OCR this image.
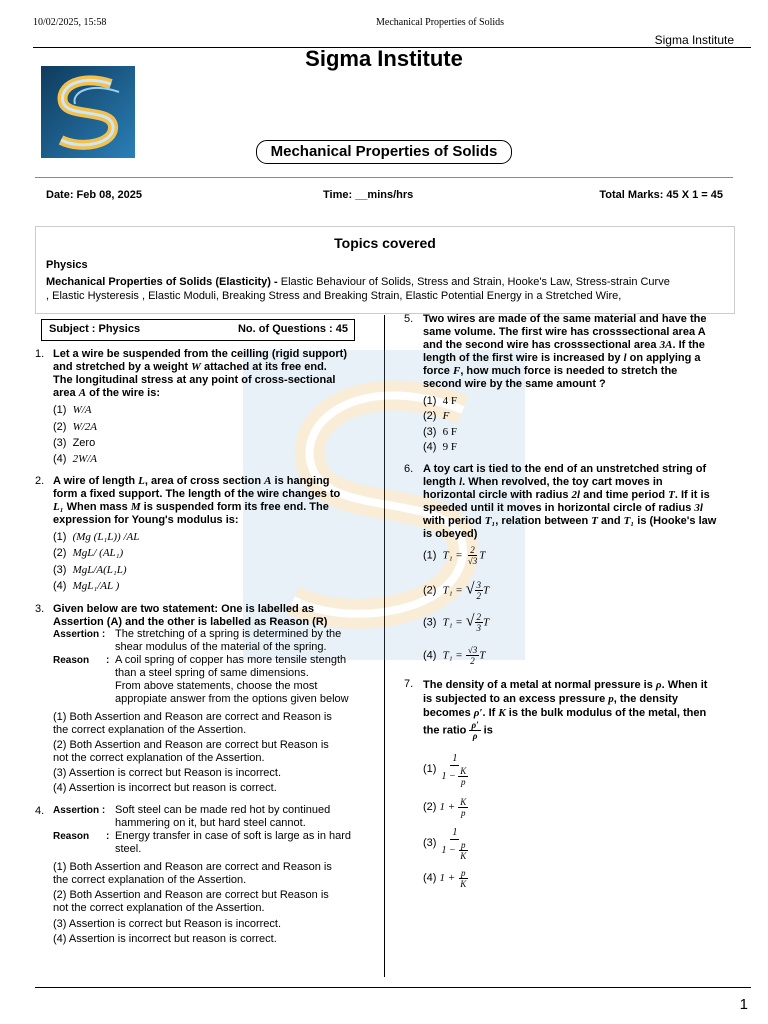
10/02/2025, 15:58	Mechanical Properties of Solids
Sigma Institute
Sigma Institute
Mechanical Properties of Solids
Date: Feb 08, 2025	Time: __mins/hrs	Total Marks: 45 X 1 = 45
Topics covered
Physics
Mechanical Properties of Solids (Elasticity) - Elastic Behaviour of Solids, Stress and Strain, Hooke's Law, Stress-strain Curve
, Elastic Hysteresis , Elastic Moduli, Breaking Stress and Breaking Strain, Elastic Potential Energy in a Stretched Wire,
Subject : Physics	No. of Questions : 45
1. Let a wire be suspended from the ceilling (rigid support)
and stretched by a weight W attached at its free end.
The longitudinal stress at any point of cross-sectional
area A of the wire is:
(1) W/A
(2) W/2A
(3) Zero
(4) 2W/A
2. A wire of length L, area of cross section A is hanging
form a fixed support. The length of the wire changes to
L₁ When mass M is suspended form its free end. The
expression for Young's modulus is:
(1) (Mg (L₁L)) /AL
(2) MgL/ (AL₁)
(3) MgL/A(L₁L)
(4) MgL₁/AL )
3. Given below are two statement: One is labelled as
Assertion (A) and the other is labelled as Reason (R)
Assertion : The stretching of a spring is determined by the
shear modulus of the material of the spring.
Reason : A coil spring of copper has more tensile stength
than a steel spring of same dimensions.
From above statements, choose the most
appropiate answer from the options given below
(1) Both Assertion and Reason are correct and Reason is
the correct explanation of the Assertion.
(2) Both Assertion and Reason are correct but Reason is
not the correct explanation of the Assertion.
(3) Assertion is correct but Reason is incorrect.
(4) Assertion is incorrect but reason is correct.
4. Assertion : Soft steel can be made red hot by continued
hammering on it, but hard steel cannot.
Reason : Energy transfer in case of soft is large as in hard
steel.
(1) Both Assertion and Reason are correct and Reason is
the correct explanation of the Assertion.
(2) Both Assertion and Reason are correct but Reason is
not the correct explanation of the Assertion.
(3) Assertion is correct but Reason is incorrect.
(4) Assertion is incorrect but reason is correct.
5. Two wires are made of the same material and have the
same volume. The first wire has crosssectional area A
and the second wire has crosssectional area 3A. If the
length of the first wire is increased by l on applying a
force F, how much force is needed to stretch the
second wire by the same amount ?
(1) 4 F
(2) F
(3) 6 F
(4) 9 F
6. A toy cart is tied to the end of an unstretched string of
length l. When revolved, the toy cart moves in
horizontal circle with radius 2l and time period T. If it is
speeded until it moves in horizontal circle of radius 3l
with period T₁, relation between T and T₁ is (Hooke's law
is obeyed)
(1) $T_1 = \frac{2}{√3}$ T
(2) T₁ = √ $\frac{3}{2}$ T
(3) T₁ = √ $\frac{2}{3}$ T
(4) $T_1 = \frac{√3}{2}$ T
7. The density of a metal at normal pressure is ρ. When it
is subjected to an excess pressure p, the density
becomes ρ′. If K is the bulk modulus of the metal, then
the ratio $\frac{\rho'}{\rho}$ is
(1)
$\frac{1}{1 - \frac{K}{p}}$
(2)
1 +
$\frac{K}{p}$
(3)
$\frac{1}{1 - \frac{p}{K}}$
(4)
1 +
$\frac{p}{K}$
1
